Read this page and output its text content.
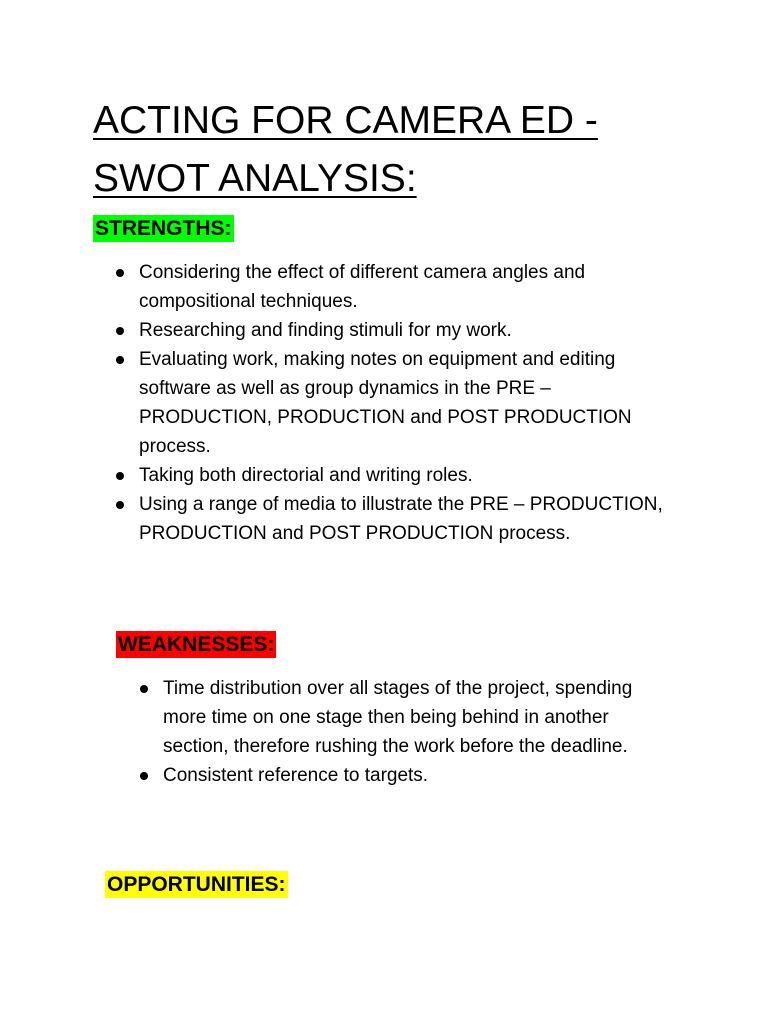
ACTING FOR CAMERA ED -
SWOT ANALYSIS:
STRENGTHS:
Considering the effect of different camera angles and compositional techniques.
Researching and finding stimuli for my work.
Evaluating work, making notes on equipment and editing software as well as group dynamics in the PRE – PRODUCTION, PRODUCTION and POST PRODUCTION process.
Taking both directorial and writing roles.
Using a range of media to illustrate the PRE – PRODUCTION, PRODUCTION and POST PRODUCTION process.
WEAKNESSES:
Time distribution over all stages of the project, spending more time on one stage then being behind in another section, therefore rushing the work before the deadline.
Consistent reference to targets.
OPPORTUNITIES:
